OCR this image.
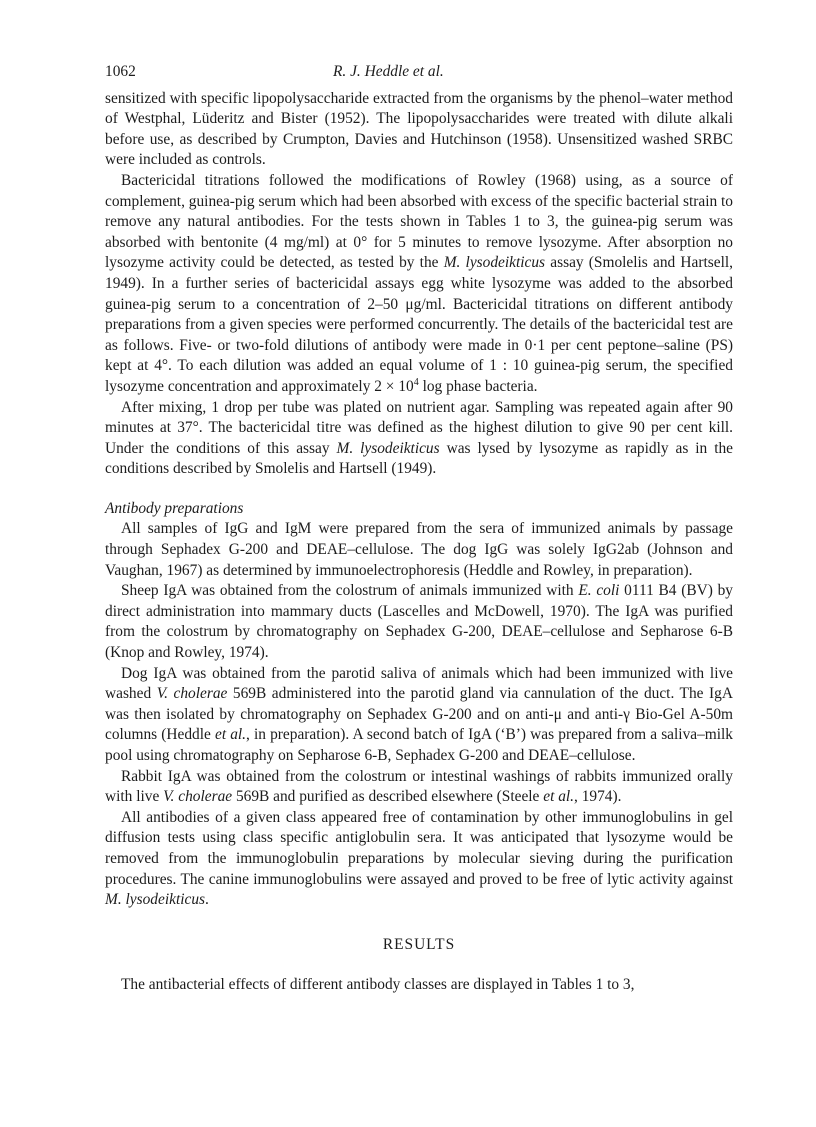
1062	R. J. Heddle et al.

sensitized with specific lipopolysaccharide extracted from the organisms by the phenol–water method of Westphal, Lüderitz and Bister (1952). The lipopolysaccharides were treated with dilute alkali before use, as described by Crumpton, Davies and Hutchinson (1958). Unsensitized washed SRBC were included as controls.

Bactericidal titrations followed the modifications of Rowley (1968) using, as a source of complement, guinea-pig serum which had been absorbed with excess of the specific bacterial strain to remove any natural antibodies. For the tests shown in Tables 1 to 3, the guinea-pig serum was absorbed with bentonite (4 mg/ml) at 0° for 5 minutes to remove lysozyme. After absorption no lysozyme activity could be detected, as tested by the M. lysodeikticus assay (Smolelis and Hartsell, 1949). In a further series of bactericidal assays egg white lysozyme was added to the absorbed guinea-pig serum to a concentration of 2–50 μg/ml. Bactericidal titrations on different antibody preparations from a given species were performed concurrently. The details of the bactericidal test are as follows. Five- or two-fold dilutions of antibody were made in 0·1 per cent peptone–saline (PS) kept at 4°. To each dilution was added an equal volume of 1 : 10 guinea-pig serum, the specified lysozyme concentration and approximately $2 \times 10^4$ log phase bacteria.

After mixing, 1 drop per tube was plated on nutrient agar. Sampling was repeated again after 90 minutes at 37°. The bactericidal titre was defined as the highest dilution to give 90 per cent kill. Under the conditions of this assay M. lysodeikticus was lysed by lysozyme as rapidly as in the conditions described by Smolelis and Hartsell (1949).

Antibody preparations

All samples of IgG and IgM were prepared from the sera of immunized animals by passage through Sephadex G-200 and DEAE–cellulose. The dog IgG was solely IgG2ab (Johnson and Vaughan, 1967) as determined by immunoelectrophoresis (Heddle and Rowley, in preparation).

Sheep IgA was obtained from the colostrum of animals immunized with E. coli 0111 B4 (BV) by direct administration into mammary ducts (Lascelles and McDowell, 1970). The IgA was purified from the colostrum by chromatography on Sephadex G-200, DEAE–cellulose and Sepharose 6-B (Knop and Rowley, 1974).

Dog IgA was obtained from the parotid saliva of animals which had been immunized with live washed V. cholerae 569B administered into the parotid gland via cannulation of the duct. The IgA was then isolated by chromatography on Sephadex G-200 and on anti-μ and anti-γ Bio-Gel A-50m columns (Heddle et al., in preparation). A second batch of IgA (‘B’) was prepared from a saliva–milk pool using chromatography on Sepharose 6-B, Sephadex G-200 and DEAE–cellulose.

Rabbit IgA was obtained from the colostrum or intestinal washings of rabbits immunized orally with live V. cholerae 569B and purified as described elsewhere (Steele et al., 1974).

All antibodies of a given class appeared free of contamination by other immunoglobulins in gel diffusion tests using class specific antiglobulin sera. It was anticipated that lysozyme would be removed from the immunoglobulin preparations by molecular sieving during the purification procedures. The canine immunoglobulins were assayed and proved to be free of lytic activity against M. lysodeikticus.

RESULTS

The antibacterial effects of different antibody classes are displayed in Tables 1 to 3,
